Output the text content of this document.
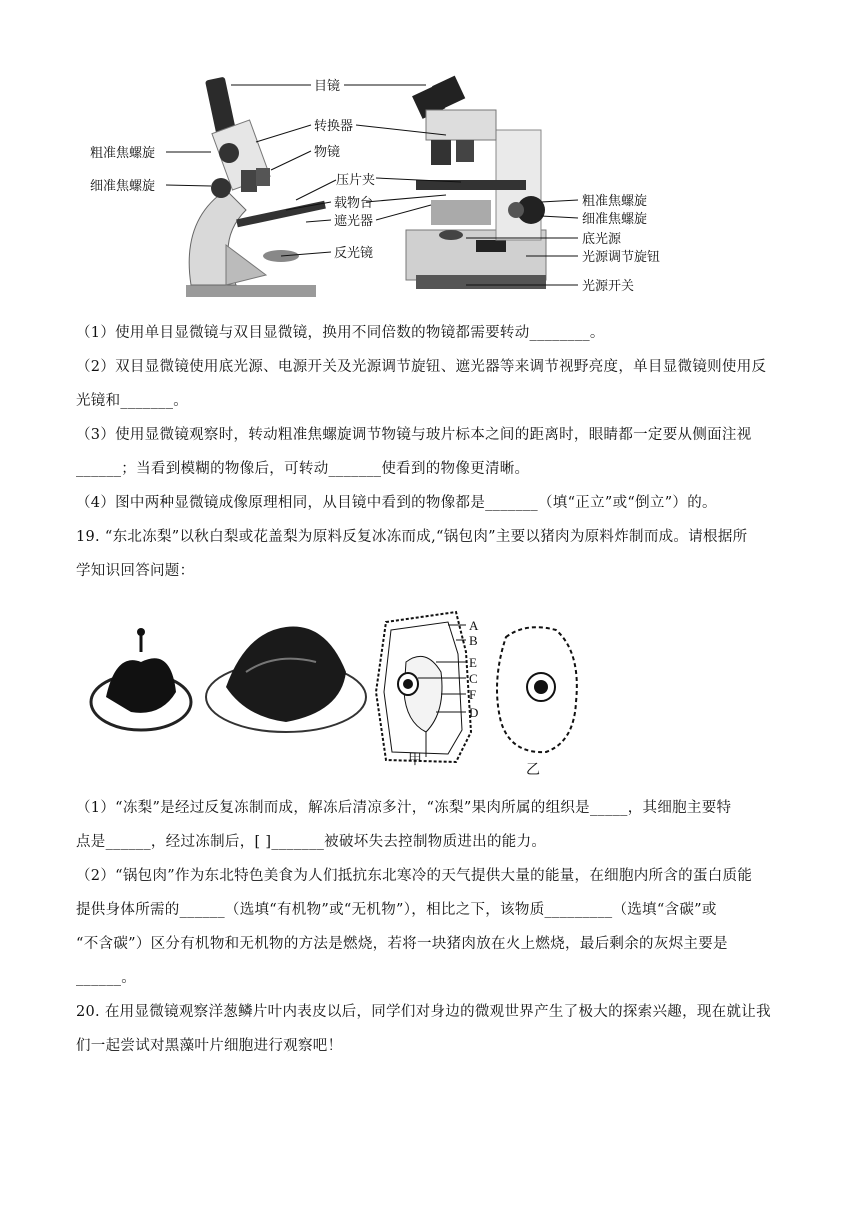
目镜
转换器
物镜
压片夹
载物台
遮光器
反光镜
粗准焦螺旋
细准焦螺旋
粗准焦螺旋
细准焦螺旋
底光源
光源调节旋钮
光源开关
（1）使用单目显微镜与双目显微镜，换用不同倍数的物镜都需要转动________。
（2）双目显微镜使用底光源、电源开关及光源调节旋钮、遮光器等来调节视野亮度，单目显微镜则使用反
光镜和_______。
（3）使用显微镜观察时，转动粗准焦螺旋调节物镜与玻片标本之间的距离时，眼睛都一定要从侧面注视
______；当看到模糊的物像后，可转动_______使看到的物像更清晰。
（4）图中两种显微镜成像原理相同，从目镜中看到的物像都是_______（填“正立”或“倒立”）的。
19. “东北冻梨”以秋白梨或花盖梨为原料反复冰冻而成,“锅包肉”主要以猪肉为原料炸制而成。请根据所
学知识回答问题：
A
B
E
C
F
D
甲
乙
（1）“冻梨”是经过反复冻制而成，解冻后清凉多汁，“冻梨”果肉所属的组织是_____，其细胞主要特
点是______，经过冻制后，[ ]_______被破坏失去控制物质进出的能力。
（2）“锅包肉”作为东北特色美食为人们抵抗东北寒冷的天气提供大量的能量，在细胞内所含的蛋白质能
提供身体所需的______（选填“有机物”或“无机物”），相比之下，该物质_________（选填“含碳”或
“不含碳”）区分有机物和无机物的方法是燃烧，若将一块猪肉放在火上燃烧，最后剩余的灰烬主要是
______。
20. 在用显微镜观察洋葱鳞片叶内表皮以后，同学们对身边的微观世界产生了极大的探索兴趣，现在就让我
们一起尝试对黑藻叶片细胞进行观察吧！
